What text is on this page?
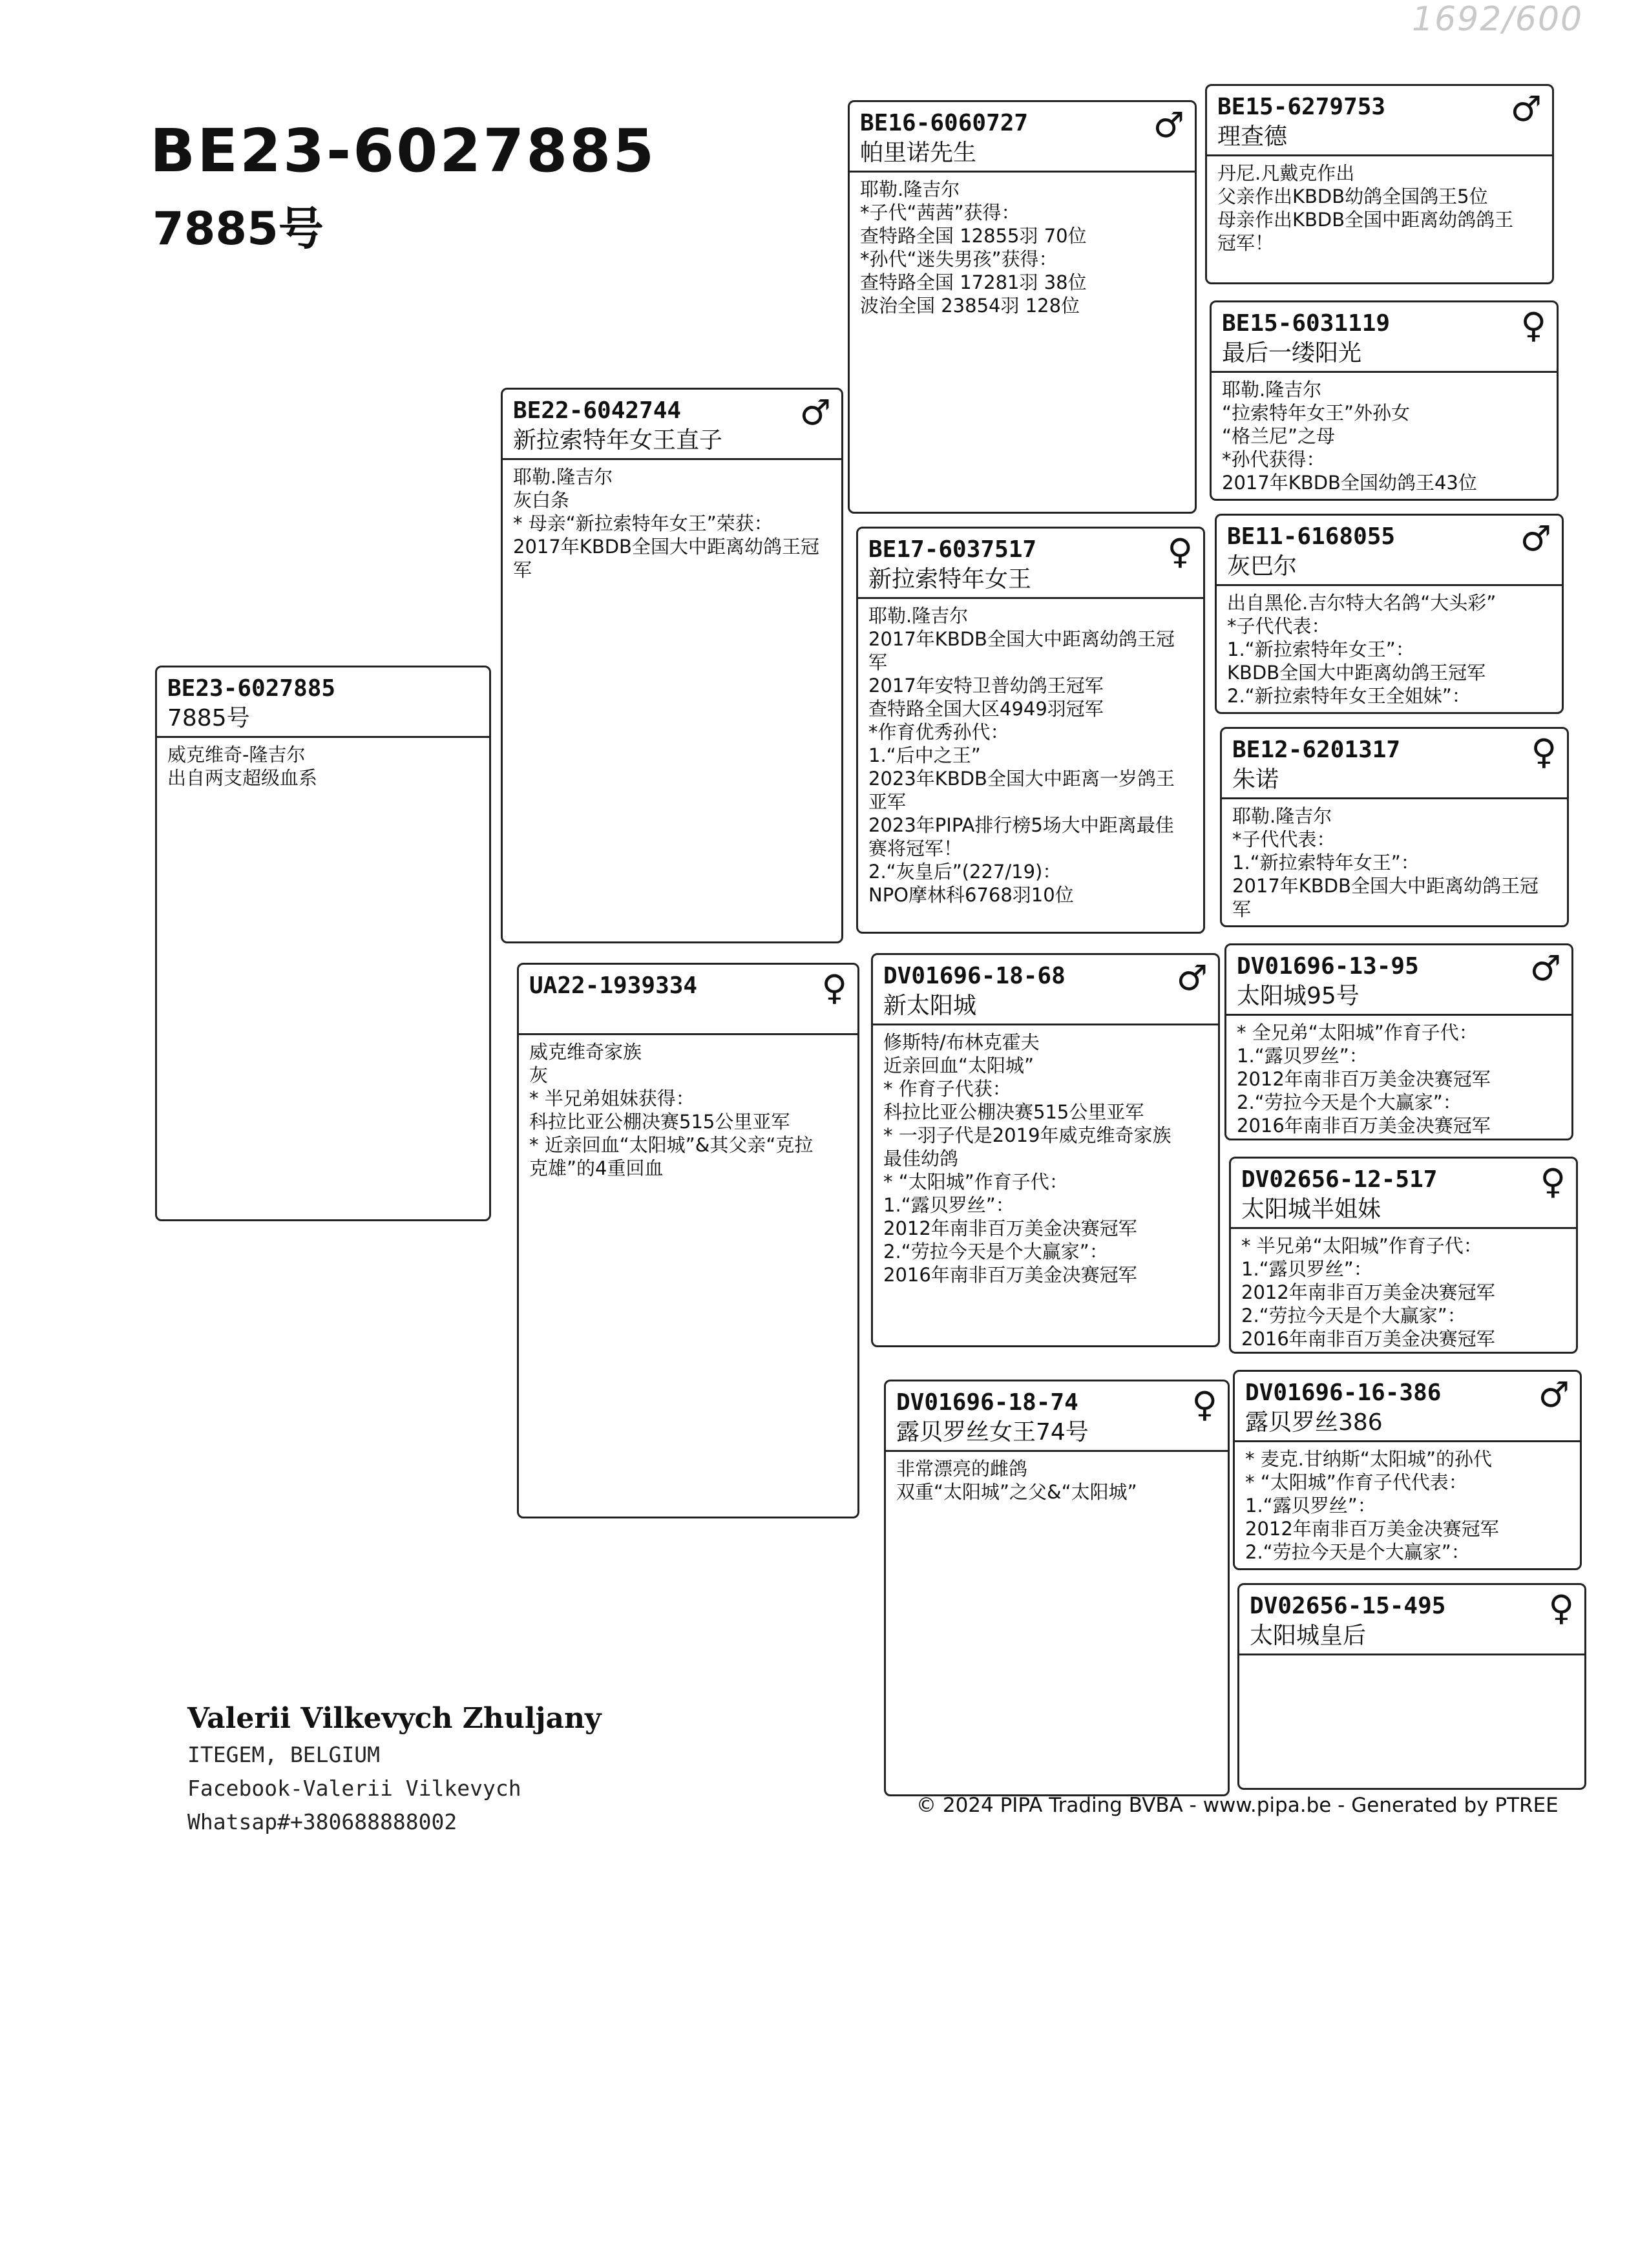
1692/600
BE23-6027885
7885号
BE23-6027885
7885号
威克维奇-隆吉尔
出自两支超级血系
BE22-6042744
新拉索特年女王直子
♂
耶勒.隆吉尔
灰白条
* 母亲“新拉索特年女王”荣获：
2017年KBDB全国大中距离幼鸽王冠
军
UA22-1939334
	♀
威克维奇家族
灰
* 半兄弟姐妹获得：
科拉比亚公棚决赛515公里亚军
* 近亲回血“太阳城”&其父亲“克拉
克雄”的4重回血
BE16-6060727
帕里诺先生
♂
耶勒.隆吉尔
*子代“茜茜”获得：
查特路全国 12855羽 70位
*孙代“迷失男孩”获得：
查特路全国 17281羽 38位
波治全国 23854羽 128位
BE17-6037517
新拉索特年女王
♀
耶勒.隆吉尔
2017年KBDB全国大中距离幼鸽王冠
军
2017年安特卫普幼鸽王冠军
查特路全国大区4949羽冠军
*作育优秀孙代：
1.“后中之王”
2023年KBDB全国大中距离一岁鸽王
亚军
2023年PIPA排行榜5场大中距离最佳
赛将冠军！
2.“灰皇后”(227/19)：
NPO摩林科6768羽10位
DV01696-18-68
新太阳城
♂
修斯特/布林克霍夫
近亲回血“太阳城”
* 作育子代获：
科拉比亚公棚决赛515公里亚军
* 一羽子代是2019年威克维奇家族
最佳幼鸽
* “太阳城”作育子代：
1.“露贝罗丝”：
2012年南非百万美金决赛冠军
2.“劳拉今天是个大赢家”：
2016年南非百万美金决赛冠军
DV01696-18-74
露贝罗丝女王74号
♀
非常漂亮的雌鸽
双重“太阳城”之父&“太阳城”
BE15-6279753
理查德
♂
丹尼.凡戴克作出
父亲作出KBDB幼鸽全国鸽王5位
母亲作出KBDB全国中距离幼鸽鸽王
冠军！
BE15-6031119
最后一缕阳光
♀
耶勒.隆吉尔
“拉索特年女王”外孙女
“格兰尼”之母
*孙代获得：
2017年KBDB全国幼鸽王43位
BE11-6168055
灰巴尔
♂
出自黑伦.吉尔特大名鸽“大头彩”
*子代代表：
1.“新拉索特年女王”：
KBDB全国大中距离幼鸽王冠军
2.“新拉索特年女王全姐妹”：
BE12-6201317
朱诺
♀
耶勒.隆吉尔
*子代代表：
1.“新拉索特年女王”：
2017年KBDB全国大中距离幼鸽王冠
军
DV01696-13-95
太阳城95号
♂
* 全兄弟“太阳城”作育子代：
1.“露贝罗丝”：
2012年南非百万美金决赛冠军
2.“劳拉今天是个大赢家”：
2016年南非百万美金决赛冠军
DV02656-12-517
太阳城半姐妹
♀
* 半兄弟“太阳城”作育子代：
1.“露贝罗丝”：
2012年南非百万美金决赛冠军
2.“劳拉今天是个大赢家”：
2016年南非百万美金决赛冠军
DV01696-16-386
露贝罗丝386
♂
* 麦克.甘纳斯“太阳城”的孙代
* “太阳城”作育子代代表：
1.“露贝罗丝”：
2012年南非百万美金决赛冠军
2.“劳拉今天是个大赢家”：
DV02656-15-495
太阳城皇后
♀
Valerii Vilkevych Zhuljany
ITEGEM, BELGIUM
Facebook-Valerii Vilkevych
Whatsap#+380688888002
© 2024 PIPA Trading BVBA - www.pipa.be - Generated by PTREE
